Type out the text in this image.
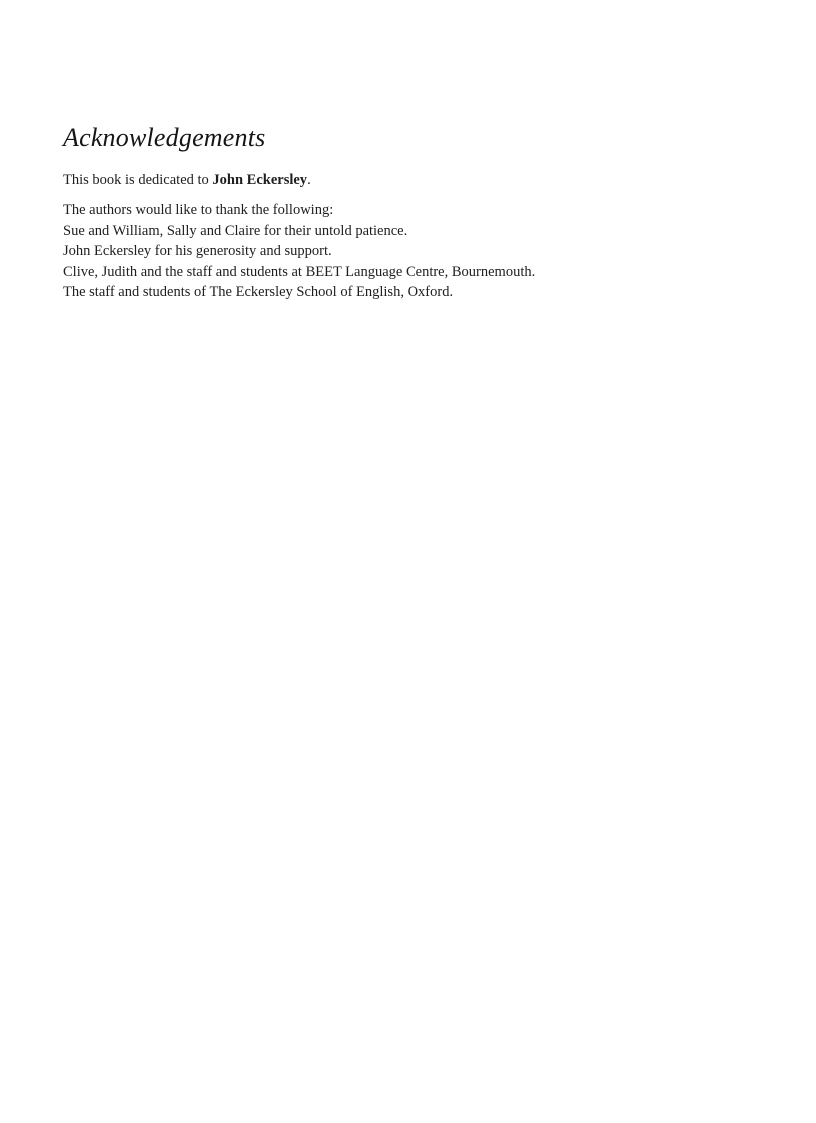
Acknowledgements

This book is dedicated to John Eckersley.

The authors would like to thank the following:
Sue and William, Sally and Claire for their untold patience.
John Eckersley for his generosity and support.
Clive, Judith and the staff and students at BEET Language Centre, Bournemouth.
The staff and students of The Eckersley School of English, Oxford.
